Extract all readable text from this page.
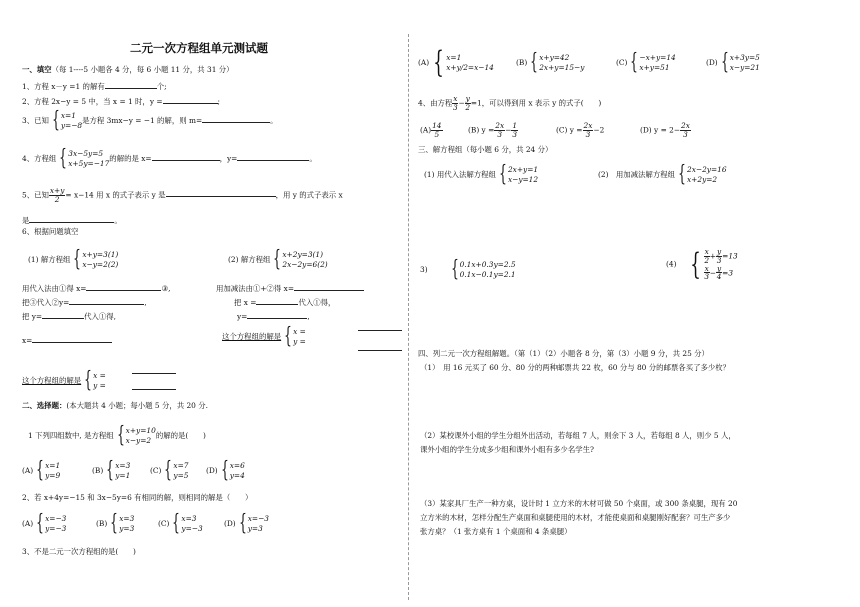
二元一次方程组单元测试题
一、填空（每 1----5 小题各 4 分，每 6 小题 11 分，共 31 分）
1、方程 x－y =1 的解有	个;
2、方程 2x−y = 5 中，当 x = 1 时，y =	;
3、已知 { x=1
y=−8
是方程 3mx−y = −1 的解，则 m=	。
4、方程组 { 3x−5y=5
x+5y=−17
的解的是 x=	，y=	。
5、已知 $\frac{x+y}{2} = x-14$ 用 x 的式子表示 y 是	，用 y 的式子表示 x
是	。
6、根据问题填空
(1) 解方程组 { x+y=3(1)
x−y=2(2)
(2) 解方程组 { x+2y=3(1)
2x−2y=6(2)
用代入法由①得 x=	③,	用加减法由①+②得 x=
把③代入②y=	,	把 x =	代入①得，
把 y=	代入①得,	y=	,
x=	这个方程组的解是 { x =
y =
这个方程组的解是 { x =
y =
二、选择题：(本大题共 4 小题；每小题 5 分，共 20 分.
1 下列四组数中, 是方程组 { x+y=10
x−y=2
的解的是(　　)
(A) { x=1
y=9
(B) { x=3
y=1
(C) { x=7
y=5
(D) { x=6
y=4
2、若 x+4y=−15 和 3x−5y=6 有相同的解，则相同的解是（　　）
(A) { x=−3
y=−3
(B) { x=3
y=3
(C) { x=3
y=−3
(D) { x=−3
y=3
3、不是二元一次方程组的是(　　)
(A) { x=1
x+y/2=x−14
(B) { x+y=42
2x+y=15−y
(C) { −x+y=14
x+y=51
(D) { x+3y=5
x−y=21
4、由方程 $\frac{x}{3} - \frac{y}{2} =1$，可以得到用 x 表示 y 的式子(　　)
$(A) \frac{14}{5}$	(B) $y = \frac{2x}{3} - \frac{1}{3}$	(C) $y = \frac{2x}{3} -2$	(D) $y = 2- \frac{2x}{3}$
三、解方程组（每小题 6 分，共 24 分）
(1) 用代入法解方程组 { 2x+y=1
x−y=12
(2)　用加减法解方程组 { 2x−2y=16
x+2y=2
3) { 0.1x+0.3y=2.5
0.1x−0.1y=2.1
(4) { $\frac{x}{2} + \frac{y}{3} =13$
$\frac{x}{3} - \frac{y}{4} =3$
四、列二元一次方程组解题。（第（1）（2）小题各 8 分，第（3）小题 9 分，共 25 分）
（1）　用 16 元买了 60 分、80 分的两种邮票共 22 枚，60 分与 80 分的邮票各买了多少枚？
（2）某校课外小组的学生分组外出活动，若每组 7 人，则余下 3 人，若每组 8 人，则少 5 人，
课外小组的学生分成多少组和课外小组有多少名学生?
（3）某家具厂生产一种方桌，设计时 1 立方米的木材可做 50 个桌面，或 300 条桌腿，现有 20
立方米的木材，怎样分配生产桌面和桌腿使用的木材，才能使桌面和桌腿刚好配套？可生产多少
张方桌？（1 张方桌有 1 个桌面和 4 条桌腿）
